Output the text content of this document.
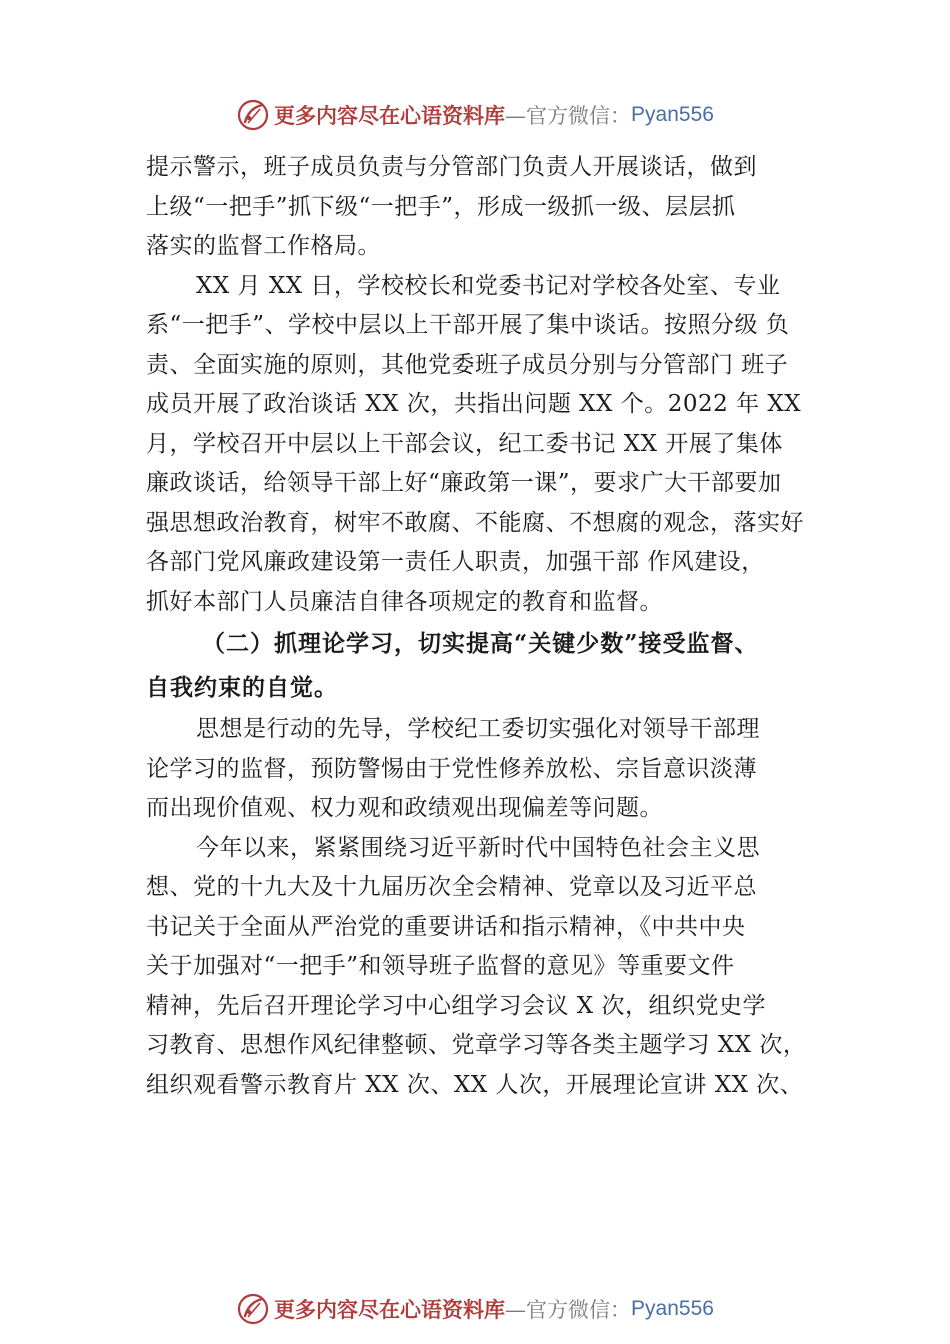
更多内容尽在心语资料库 —官方微信： Pyan556
提示警示，班子成员负责与分管部门负责人开展谈话，做到
上级“一把手”抓下级“一把手”，形成一级抓一级、层层抓
落实的监督工作格局。
XX 月 XX 日，学校校长和党委书记对学校各处室、专业
系“一把手”、学校中层以上干部开展了集中谈话。按照分级 负
责、全面实施的原则，其他党委班子成员分别与分管部门 班子
成员开展了政治谈话 XX 次，共指出问题 XX 个。2022 年 XX
月，学校召开中层以上干部会议，纪工委书记 XX 开展了集体
廉政谈话，给领导干部上好“廉政第一课”，要求广大干部要加
强思想政治教育，树牢不敢腐、不能腐、不想腐的观念，落实好
各部门党风廉政建设第一责任人职责，加强干部 作风建设，
抓好本部门人员廉洁自律各项规定的教育和监督。
（二）抓理论学习，切实提高“关键少数”接受监督、
自我约束的自觉。
思想是行动的先导，学校纪工委切实强化对领导干部理
论学习的监督，预防警惕由于党性修养放松、宗旨意识淡薄
而出现价值观、权力观和政绩观出现偏差等问题。
今年以来，紧紧围绕习近平新时代中国特色社会主义思
想、党的十九大及十九届历次全会精神、党章以及习近平总
书记关于全面从严治党的重要讲话和指示精神，《中共中央
关于加强对“一把手”和领导班子监督的意见》等重要文件
精神，先后召开理论学习中心组学习会议 X 次，组织党史学
习教育、思想作风纪律整顿、党章学习等各类主题学习 XX 次，
组织观看警示教育片 XX 次、XX 人次，开展理论宣讲 XX 次、
更多内容尽在心语资料库 —官方微信： Pyan556
